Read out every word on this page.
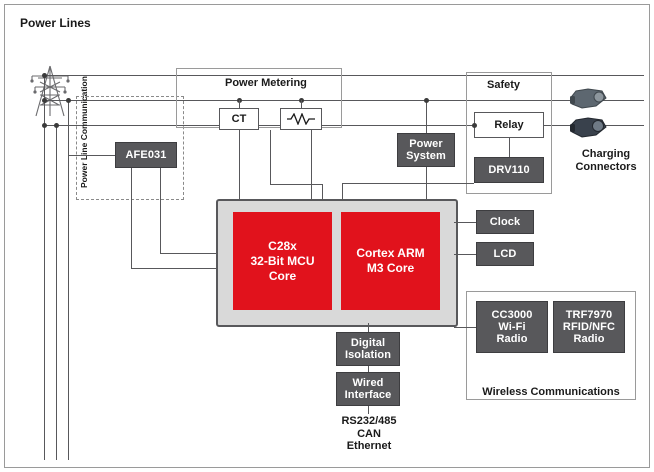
Power Lines
Power Line Communication	AFE031
Power Metering
CT
Safety
Relay
DRV110
Power
System	Charging
Connectors
C28x
32-Bit MCU
Core
Cortex ARM
M3 Core
Clock
LCD
Wireless Communications
CC3000
Wi-Fi
Radio
TRF7970
RFID/NFC
Radio
Digital
Isolation
Wired
Interface
RS232/485
CAN
Ethernet
